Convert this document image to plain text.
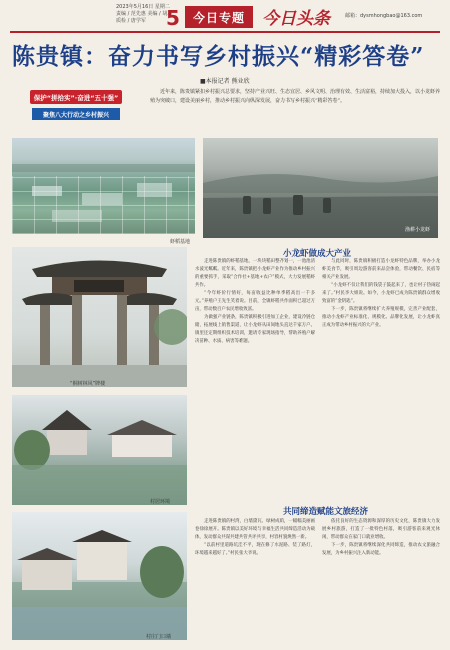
2023年5月16日 星期二
责编 / 范先惠 美编 / 胡芯
质检 / 唐学军	5	今日专题	今日头条	邮箱：dysmhongbao@163.com
陈贵镇：奋力书写乡村振兴“精彩答卷”
■本报记者 熊业欣
保护“拼拾实”·奋进“五十强”
聚焦八大行动之乡村振兴
近年来，陈贵镇紧扣乡村振兴总要求，坚持产业兴旺、生态宜居、乡风文明、治理有效、生活富裕，持续加大投入，以小龙虾养殖为突破口，建设美丽乡村，推动乡村振兴向纵深发展，奋力书写乡村振兴“精彩答卷”。
虾稻基地
渔耕小龙虾
“桐树林风”牌楼
村居环境
村庄门口墙
小龙虾做成大产业

走进陈贵镇的虾稻基地，一块块稻田整齐划一，一池池清水波光粼粼。近年来，陈贵镇把小龙虾产业作为推动乡村振兴的重要抓手，采取“合作社+基地+农户”模式，大力发展稻虾共作。

“今年虾价行情好，每亩收益比种单季稻高出一千多元。”养殖户王先生笑着说。目前，全镇虾稻共作面积已超过万亩，带动数百户农民增收致富。

为做强产业链条，陈贵镇积极引进加工企业，建设冷链仓储，拓展线上销售渠道，让小龙虾从田间地头直达千家万户。镇里还定期组织技术培训，邀请专家现场指导，帮助养殖户解决苗种、水质、病害等难题。

与此同时，陈贵镇积极打造小龙虾特色品牌，举办小龙虾美食节，吸引周边游客前来品尝体验，带动餐饮、民宿等相关产业发展。

“小龙虾不仅让我们的钱袋子鼓起来了，也让村子热闹起来了。”村民李大姐说。如今，小龙虾已成为陈贵镇群众增收致富的“金钥匙”。

下一步，陈贵镇将继续扩大养殖规模，完善产业配套，推动小龙虾产业标准化、规模化、品牌化发展，让小龙虾真正成为带动乡村振兴的大产业。

共同缔造赋能文旅经济

走进陈贵镇的村湾，白墙黛瓦、绿树成荫，一幅幅美丽画卷徐徐展开。陈贵镇以美好环境与幸福生活共同缔造活动为载体，发动群众共谋共建共管共评共享，村容村貌焕然一新。

“以前村里道路坑洼不平，现在修了水泥路、装了路灯，环境越来越好了。”村民张大爷说。

依托良好的生态资源和深厚的历史文化，陈贵镇大力发展乡村旅游，打造了一批特色村落，吸引游客前来观光休闲，带动群众在家门口就业增收。

下一步，陈贵镇将继续深化共同缔造，推动农文旅融合发展，为乡村振兴注入新动能。
